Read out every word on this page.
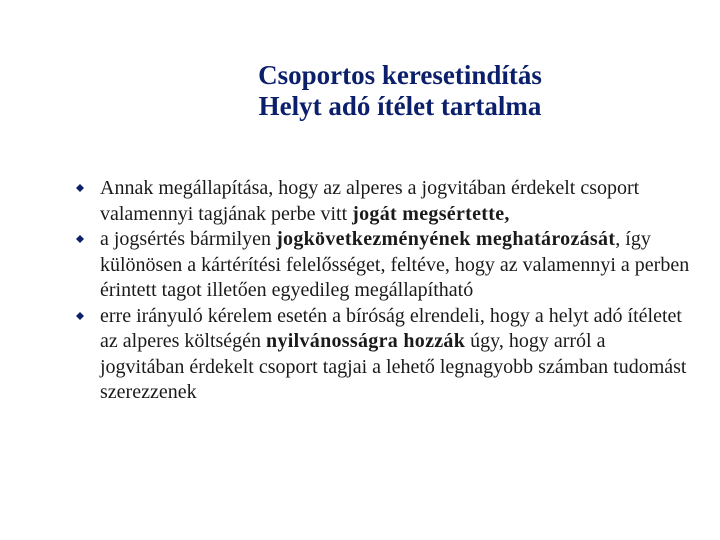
Csoportos keresetindítás
Helyt adó ítélet tartalma
Annak megállapítása, hogy az alperes a jogvitában érdekelt csoport valamennyi tagjának perbe vitt jogát megsértette,
a jogsértés bármilyen jogkövetkezményének meghatározását, így különösen a kártérítési felelősséget, feltéve, hogy az valamennyi a perben érintett tagot illetően egyedileg megállapítható
erre irányuló kérelem esetén a bíróság elrendeli, hogy a helyt adó ítéletet az alperes költségén nyilvánosságra hozzák úgy, hogy arról a jogvitában érdekelt csoport tagjai a lehető legnagyobb számban tudomást szerezzenek
